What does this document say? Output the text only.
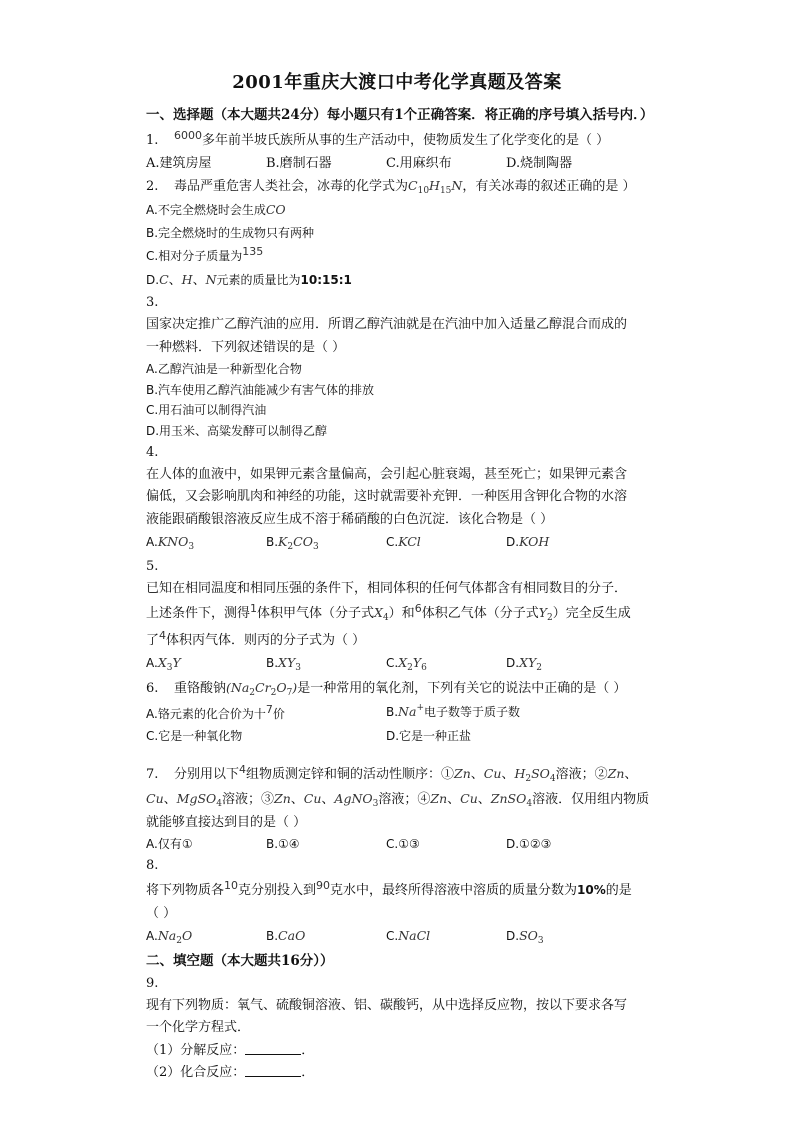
2001年重庆大渡口中考化学真题及答案

一、选择题（本大题共24分）每小题只有1个正确答案．将正确的序号填入括号内．）

1. $^{6000}$多年前半坡氏族所从事的生产活动中，使物质发生了化学变化的是（ ）

A.建筑房屋	B.磨制石器	C.用麻织布	D.烧制陶器

2. 毒品严重危害人类社会，冰毒的化学式为$C_{10}H_{15}N$，有关冰毒的叙述正确的是 ）

A.不完全燃烧时会生成CO

B.完全燃烧时的生成物只有两种

C.相对分子质量为$^{135}$

D.C、H、N元素的质量比为10:15:1

3.

国家决定推广乙醇汽油的应用．所谓乙醇汽油就是在汽油中加入适量乙醇混合而成的

一种燃料．下列叙述错误的是（ ）

A.乙醇汽油是一种新型化合物

B.汽车使用乙醇汽油能减少有害气体的排放

C.用石油可以制得汽油

D.用玉米、高粱发酵可以制得乙醇

4.

在人体的血液中，如果钾元素含量偏高，会引起心脏衰竭，甚至死亡；如果钾元素含

偏低，又会影响肌肉和神经的功能，这时就需要补充钾．一种医用含钾化合物的水溶

液能跟硝酸银溶液反应生成不溶于稀硝酸的白色沉淀．该化合物是（ ）

$A.KNO_3$	$B.K_2CO_3$	C.KCl	D.KOH

5.

已知在相同温度和相同压强的条件下，相同体积的任何气体都含有相同数目的分子．

上述条件下，测得$^1$体积甲气体（分子式$X_4$）和$^6$体积乙气体（分子式$Y_2$）完全反生成

了$^4$体积丙气体．则丙的分子式为（ ）

$A.X_3Y$	$B.XY_3$	$C.X_2Y_6$	$D.XY_2$

6. 重铬酸钠$(Na_2Cr_2O_7)$是一种常用的氧化剂，下列有关它的说法中正确的是（ ）

A.铬元素的化合价为十$^7$价	B.Na+电子数等于质子数
C.它是一种氧化物	D.它是一种正盐

7. 分别用以下$^4$组物质测定锌和铜的活动性顺序：①Zn、Cu、$H_2SO_4$溶液；②Zn、

Cu、MgSO$_4$溶液；③Zn、Cu、AgNO$_3$溶液；④Zn、Cu、ZnSO$_4$溶液．仅用组内物质

就能够直接达到目的是（ ）

A.仅有①	B.①④	C.①③	D.①②③

8.

将下列物质各$^{10}$克分别投入到$^{90}$克水中，最终所得溶液中溶质的质量分数为10%的是

（ ）

$A.Na_2O$	B.CaO	C.NaCl	$D.SO_3$

二、填空题（本大题共16分））

9.

现有下列物质：氧气、硫酸铜溶液、铝、碳酸钙，从中选择反应物，按以下要求各写

一个化学方程式．

（1）分解反应：	．

（2）化合反应：	．
